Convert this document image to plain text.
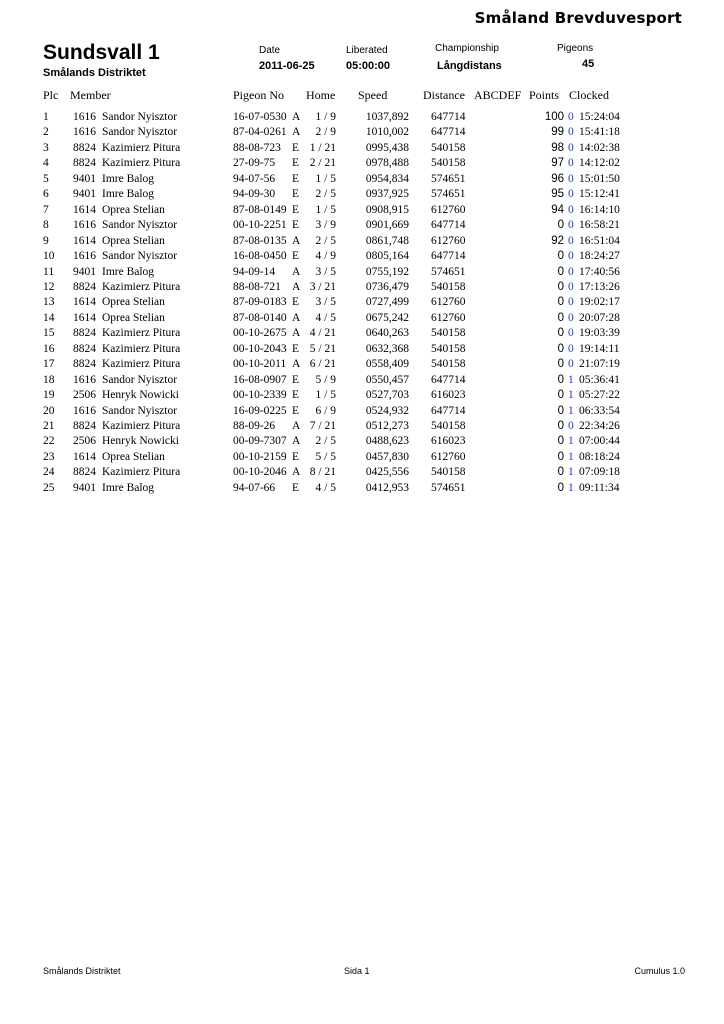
Småland Brevduvesport
Sundsvall 1
Smålands Distriktet
Date
2011-06-25
Liberated
05:00:00
Championship
Långdistans
Pigeons
45
Plc Member	Pigeon No Home Speed	Distance ABCDEF Points Clocked
1 1616 Sandor Nyisztor	16-07-0530 A	1 / 9	1037,892 647714	100 0 15:24:04
2 1616 Sandor Nyisztor	87-04-0261 A	2 / 9	1010,002 647714	99 0 15:41:18
3 8824 Kazimierz Pitura	88-08-723 E 1 / 21	0995,438 540158	98 0 14:02:38
4 8824 Kazimierz Pitura	27-09-75 E 2 / 21	0978,488 540158	97 0 14:12:02
5 9401 Imre Balog	94-07-56 E	1 / 5	0954,834 574651	96 0 15:01:50
6 9401 Imre Balog	94-09-30 E	2 / 5	0937,925 574651	95 0 15:12:41
7 1614 Oprea Stelian	87-08-0149 E	1 / 5	0908,915 612760	94 0 16:14:10
8 1616 Sandor Nyisztor	00-10-2251 E	3 / 9	0901,669 647714	0 0 16:58:21
9 1614 Oprea Stelian	87-08-0135 A	2 / 5	0861,748 612760	92 0 16:51:04
10 1616 Sandor Nyisztor	16-08-0450 E	4 / 9	0805,164 647714	0 0 18:24:27
11 9401 Imre Balog	94-09-14 A	3 / 5	0755,192 574651	0 0 17:40:56
12 8824 Kazimierz Pitura	88-08-721 A 3 / 21	0736,479 540158	0 0 17:13:26
13 1614 Oprea Stelian	87-09-0183 E	3 / 5	0727,499 612760	0 0 19:02:17
14 1614 Oprea Stelian	87-08-0140 A	4 / 5	0675,242 612760	0 0 20:07:28
15 8824 Kazimierz Pitura	00-10-2675 A 4 / 21	0640,263 540158	0 0 19:03:39
16 8824 Kazimierz Pitura	00-10-2043 E 5 / 21	0632,368 540158	0 0 19:14:11
17 8824 Kazimierz Pitura	00-10-2011 A 6 / 21	0558,409 540158	0 0 21:07:19
18 1616 Sandor Nyisztor	16-08-0907 E	5 / 9	0550,457 647714	0 1 05:36:41
19 2506 Henryk Nowicki	00-10-2339 E	1 / 5	0527,703 616023	0 1 05:27:22
20 1616 Sandor Nyisztor	16-09-0225 E	6 / 9	0524,932 647714	0 1 06:33:54
21 8824 Kazimierz Pitura	88-09-26 A 7 / 21	0512,273 540158	0 0 22:34:26
22 2506 Henryk Nowicki	00-09-7307 A	2 / 5	0488,623 616023	0 1 07:00:44
23 1614 Oprea Stelian	00-10-2159 E	5 / 5	0457,830 612760	0 1 08:18:24
24 8824 Kazimierz Pitura	00-10-2046 A 8 / 21	0425,556 540158	0 1 07:09:18
25 9401 Imre Balog	94-07-66 E	4 / 5	0412,953 574651	0 1 09:11:34
Smålands Distriktet	Sida 1	Cumulus 1.0
